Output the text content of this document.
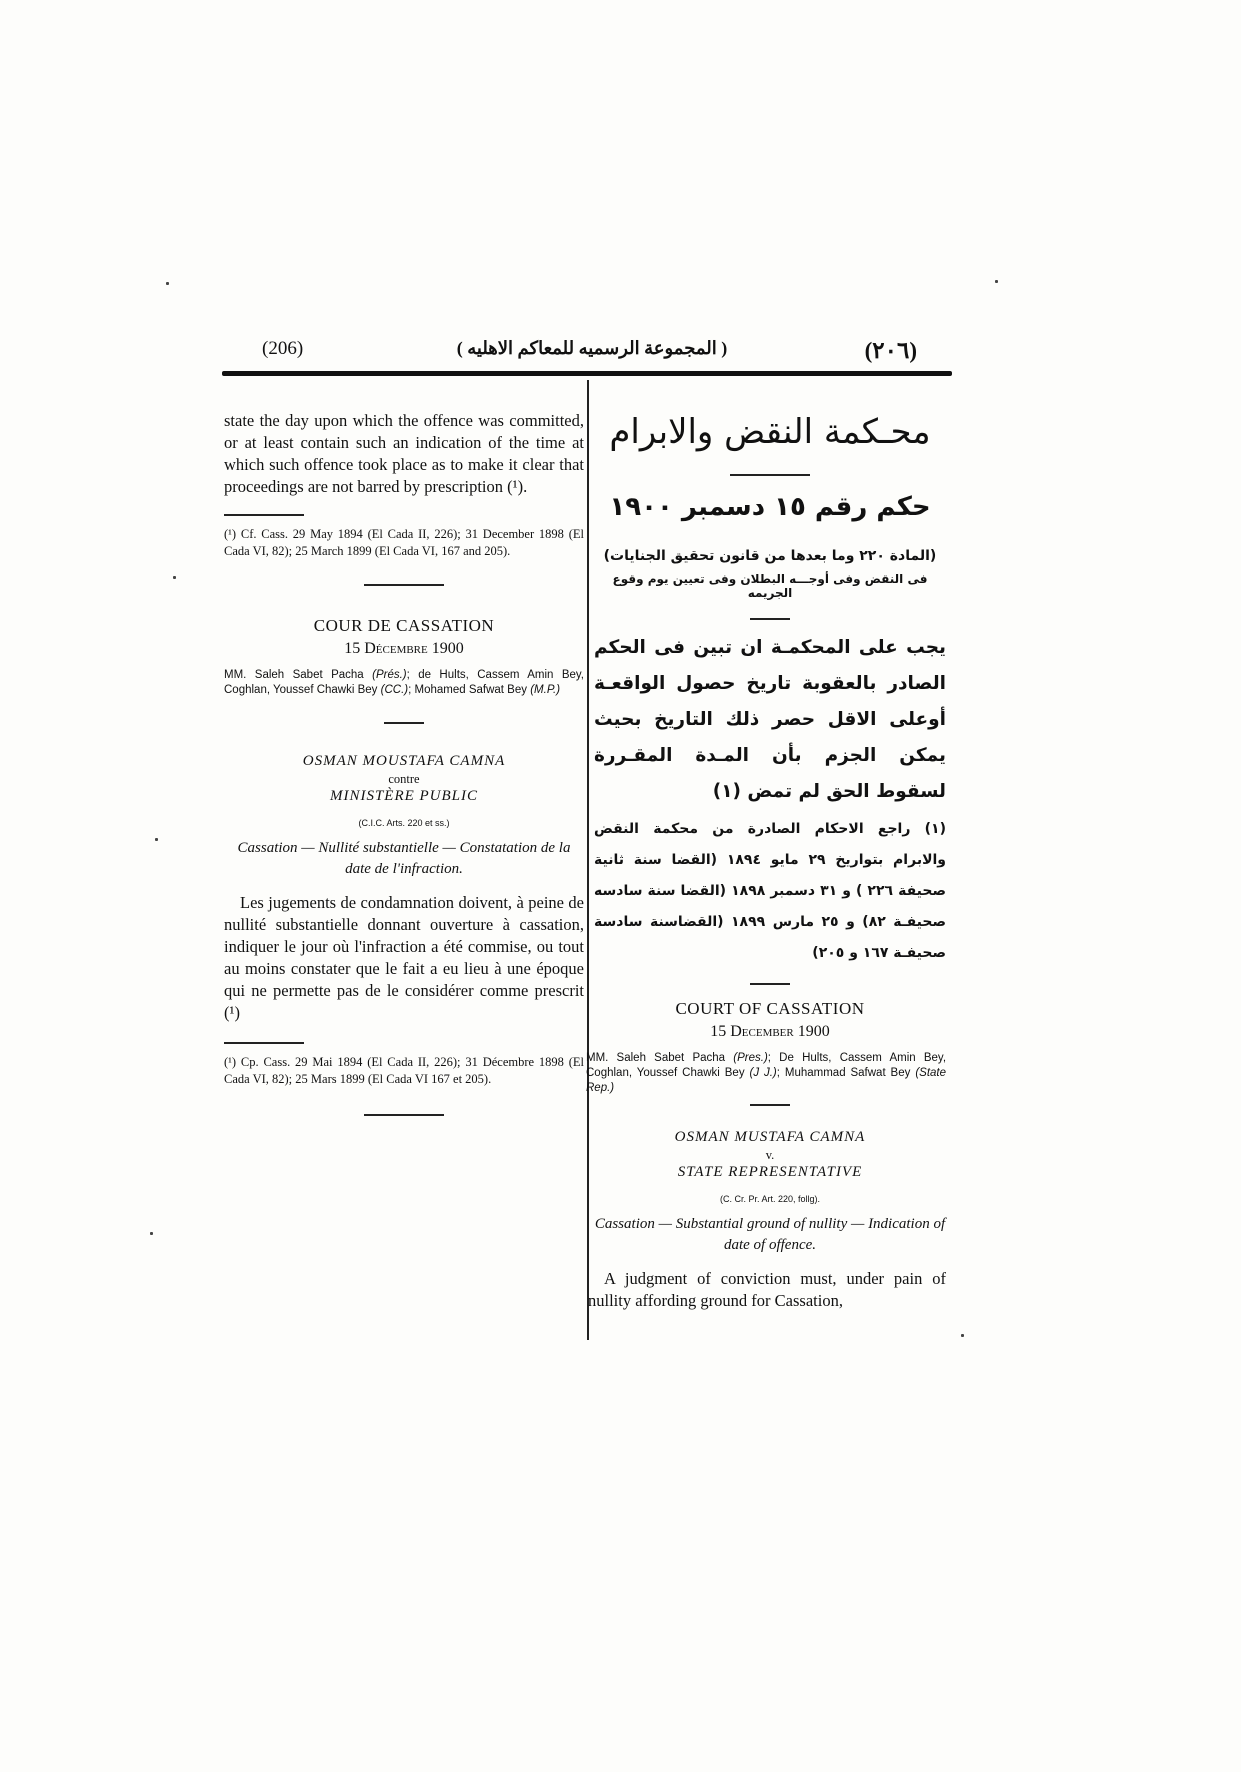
(206)	( المجموعة الرسميه للمعاكم الاهليه )	(٢٠٦)

state the day upon which the offence was committed, or at least contain such an indication of the time at which such offence took place as to make it clear that proceedings are not barred by prescription (¹).

(¹) Cf. Cass. 29 May 1894 (El Cada II, 226); 31 December 1898 (El Cada VI, 82); 25 March 1899 (El Cada VI, 167 and 205).

COUR DE CASSATION

15 Décembre 1900

MM. Saleh Sabet Pacha (Prés.); de Hults, Cassem Amin Bey, Coghlan, Youssef Chawki Bey (CC.); Mohamed Safwat Bey (M.P.)

OSMAN MOUSTAFA CAMNA

contre

MINISTÈRE PUBLIC

(C.I.C. Arts. 220 et ss.)

Cassation — Nullité substantielle — Constatation de la date de l'infraction.

Les jugements de condamnation doivent, à peine de nullité substantielle donnant ouverture à cassation, indiquer le jour où l'infraction a été commise, ou tout au moins constater que le fait a eu lieu à une époque qui ne permette pas de le considérer comme prescrit (¹)

(¹) Cp. Cass. 29 Mai 1894 (El Cada II, 226); 31 Décembre 1898 (El Cada VI, 82); 25 Mars 1899 (El Cada VI 167 et 205).

محـكمة النقض والابرام

حكم رقم ١٥ دسمبر ١٩٠٠

(المادة ٢٢٠ وما بعدها من قانون تحقيق الجنايات)

فى النقض وفى أوجـــه البطلان وفى تعيين يوم وقوع الجريمه

يجب على المحكمـة ان تبين فى الحكم الصادر بالعقوبة تاريخ حصول الواقعـة أوعلى الاقل حصر ذلك التاريخ بحيث يمكن الجزم بأن المـدة المقـررة لسقوط الحق لم تمض (١)

(١) راجع الاحكام الصادرة من محكمة النقض والابرام بتواريخ ٢٩ مايو ١٨٩٤ (القضا سنة ثانية صحيفة ٢٢٦ ) و ٣١ دسمبر ١٨٩٨ (القضا سنة سادسه صحيفـة ٨٢) و ٢٥ مارس ١٨٩٩ (القضاسنة سادسة صحيفـة ١٦٧ و ٢٠٥)

COURT OF CASSATION

15 December 1900

MM. Saleh Sabet Pacha (Pres.); De Hults, Cassem Amin Bey, Coghlan, Youssef Chawki Bey (J J.); Muhammad Safwat Bey (State Rep.)

OSMAN MUSTAFA CAMNA

v.

STATE REPRESENTATIVE

(C. Cr. Pr. Art. 220, follg).

Cassation — Substantial ground of nullity — Indication of date of offence.

A judgment of conviction must, under pain of nullity affording ground for Cassation,
